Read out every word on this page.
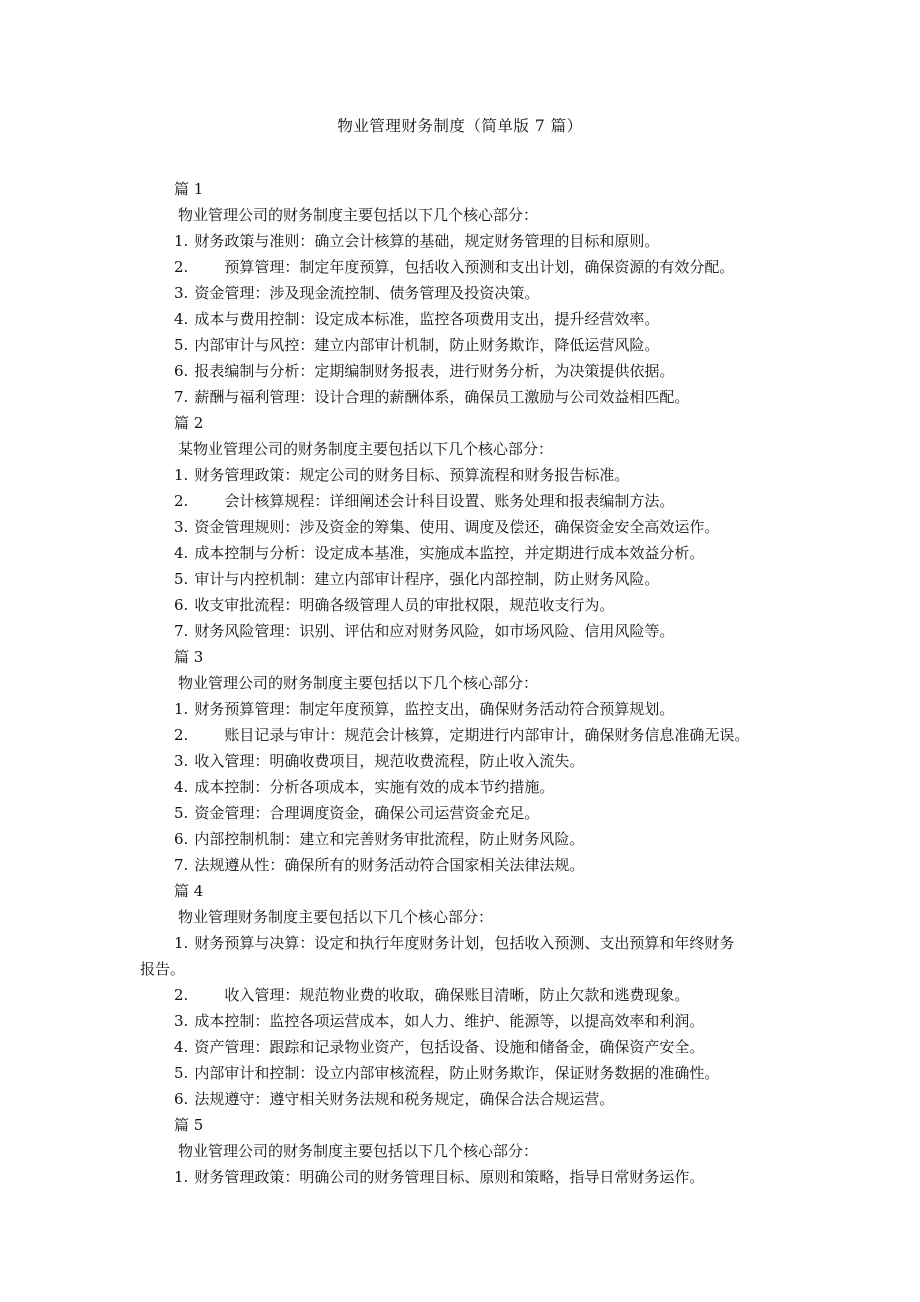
物业管理财务制度（简单版 7 篇）
篇 1
物业管理公司的财务制度主要包括以下几个核心部分：
1. 财务政策与准则：确立会计核算的基础，规定财务管理的目标和原则。
2. 预算管理：制定年度预算，包括收入预测和支出计划，确保资源的有效分配。
3. 资金管理：涉及现金流控制、债务管理及投资决策。
4. 成本与费用控制：设定成本标准，监控各项费用支出，提升经营效率。
5. 内部审计与风控：建立内部审计机制，防止财务欺诈，降低运营风险。
6. 报表编制与分析：定期编制财务报表，进行财务分析，为决策提供依据。
7. 薪酬与福利管理：设计合理的薪酬体系，确保员工激励与公司效益相匹配。
篇 2
某物业管理公司的财务制度主要包括以下几个核心部分：
1. 财务管理政策：规定公司的财务目标、预算流程和财务报告标准。
2. 会计核算规程：详细阐述会计科目设置、账务处理和报表编制方法。
3. 资金管理规则：涉及资金的筹集、使用、调度及偿还，确保资金安全高效运作。
4. 成本控制与分析：设定成本基准，实施成本监控，并定期进行成本效益分析。
5. 审计与内控机制：建立内部审计程序，强化内部控制，防止财务风险。
6. 收支审批流程：明确各级管理人员的审批权限，规范收支行为。
7. 财务风险管理：识别、评估和应对财务风险，如市场风险、信用风险等。
篇 3
物业管理公司的财务制度主要包括以下几个核心部分：
1. 财务预算管理：制定年度预算，监控支出，确保财务活动符合预算规划。
2. 账目记录与审计：规范会计核算，定期进行内部审计，确保财务信息准确无误。
3. 收入管理：明确收费项目，规范收费流程，防止收入流失。
4. 成本控制：分析各项成本，实施有效的成本节约措施。
5. 资金管理：合理调度资金，确保公司运营资金充足。
6. 内部控制机制：建立和完善财务审批流程，防止财务风险。
7. 法规遵从性：确保所有的财务活动符合国家相关法律法规。
篇 4
物业管理财务制度主要包括以下几个核心部分：
1. 财务预算与决算：设定和执行年度财务计划，包括收入预测、支出预算和年终财务
报告。
2. 收入管理：规范物业费的收取，确保账目清晰，防止欠款和逃费现象。
3. 成本控制：监控各项运营成本，如人力、维护、能源等，以提高效率和利润。
4. 资产管理：跟踪和记录物业资产，包括设备、设施和储备金，确保资产安全。
5. 内部审计和控制：设立内部审核流程，防止财务欺诈，保证财务数据的准确性。
6. 法规遵守：遵守相关财务法规和税务规定，确保合法合规运营。
篇 5
物业管理公司的财务制度主要包括以下几个核心部分：
1. 财务管理政策：明确公司的财务管理目标、原则和策略，指导日常财务运作。
